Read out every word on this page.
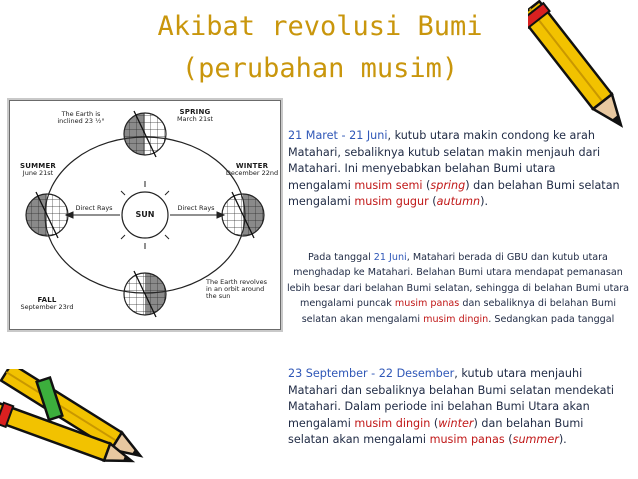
Akibat revolusi Bumi
(perubahan musim)
The Earth is inclined 23 ½°
SPRING
March 21st
SUMMER
June 21st
WINTER
December 22nd
FALL
September 23rd
SUN
Direct Rays	Direct Rays
The Earth revolves in an orbit around the sun
21 Maret - 21 Juni, kutub utara makin condong ke arah Matahari, sebaliknya kutub selatan makin menjauh dari Matahari. Ini menyebabkan belahan Bumi utara mengalami musim semi (spring) dan belahan Bumi selatan mengalami musim gugur (autumn).
Pada tanggal 21 Juni, Matahari berada di GBU dan kutub utara menghadap ke Matahari. Belahan Bumi utara mendapat pemanasan lebih besar dari belahan Bumi selatan, sehingga di belahan Bumi utara mengalami puncak musim panas dan sebaliknya di belahan Bumi selatan akan mengalami musim dingin. Sedangkan pada tanggal
23 September - 22 Desember, kutub utara menjauhi Matahari dan sebaliknya belahan Bumi selatan mendekati Matahari. Dalam periode ini belahan Bumi Utara akan mengalami musim dingin (winter) dan belahan Bumi selatan akan mengalami musim panas (summer).
